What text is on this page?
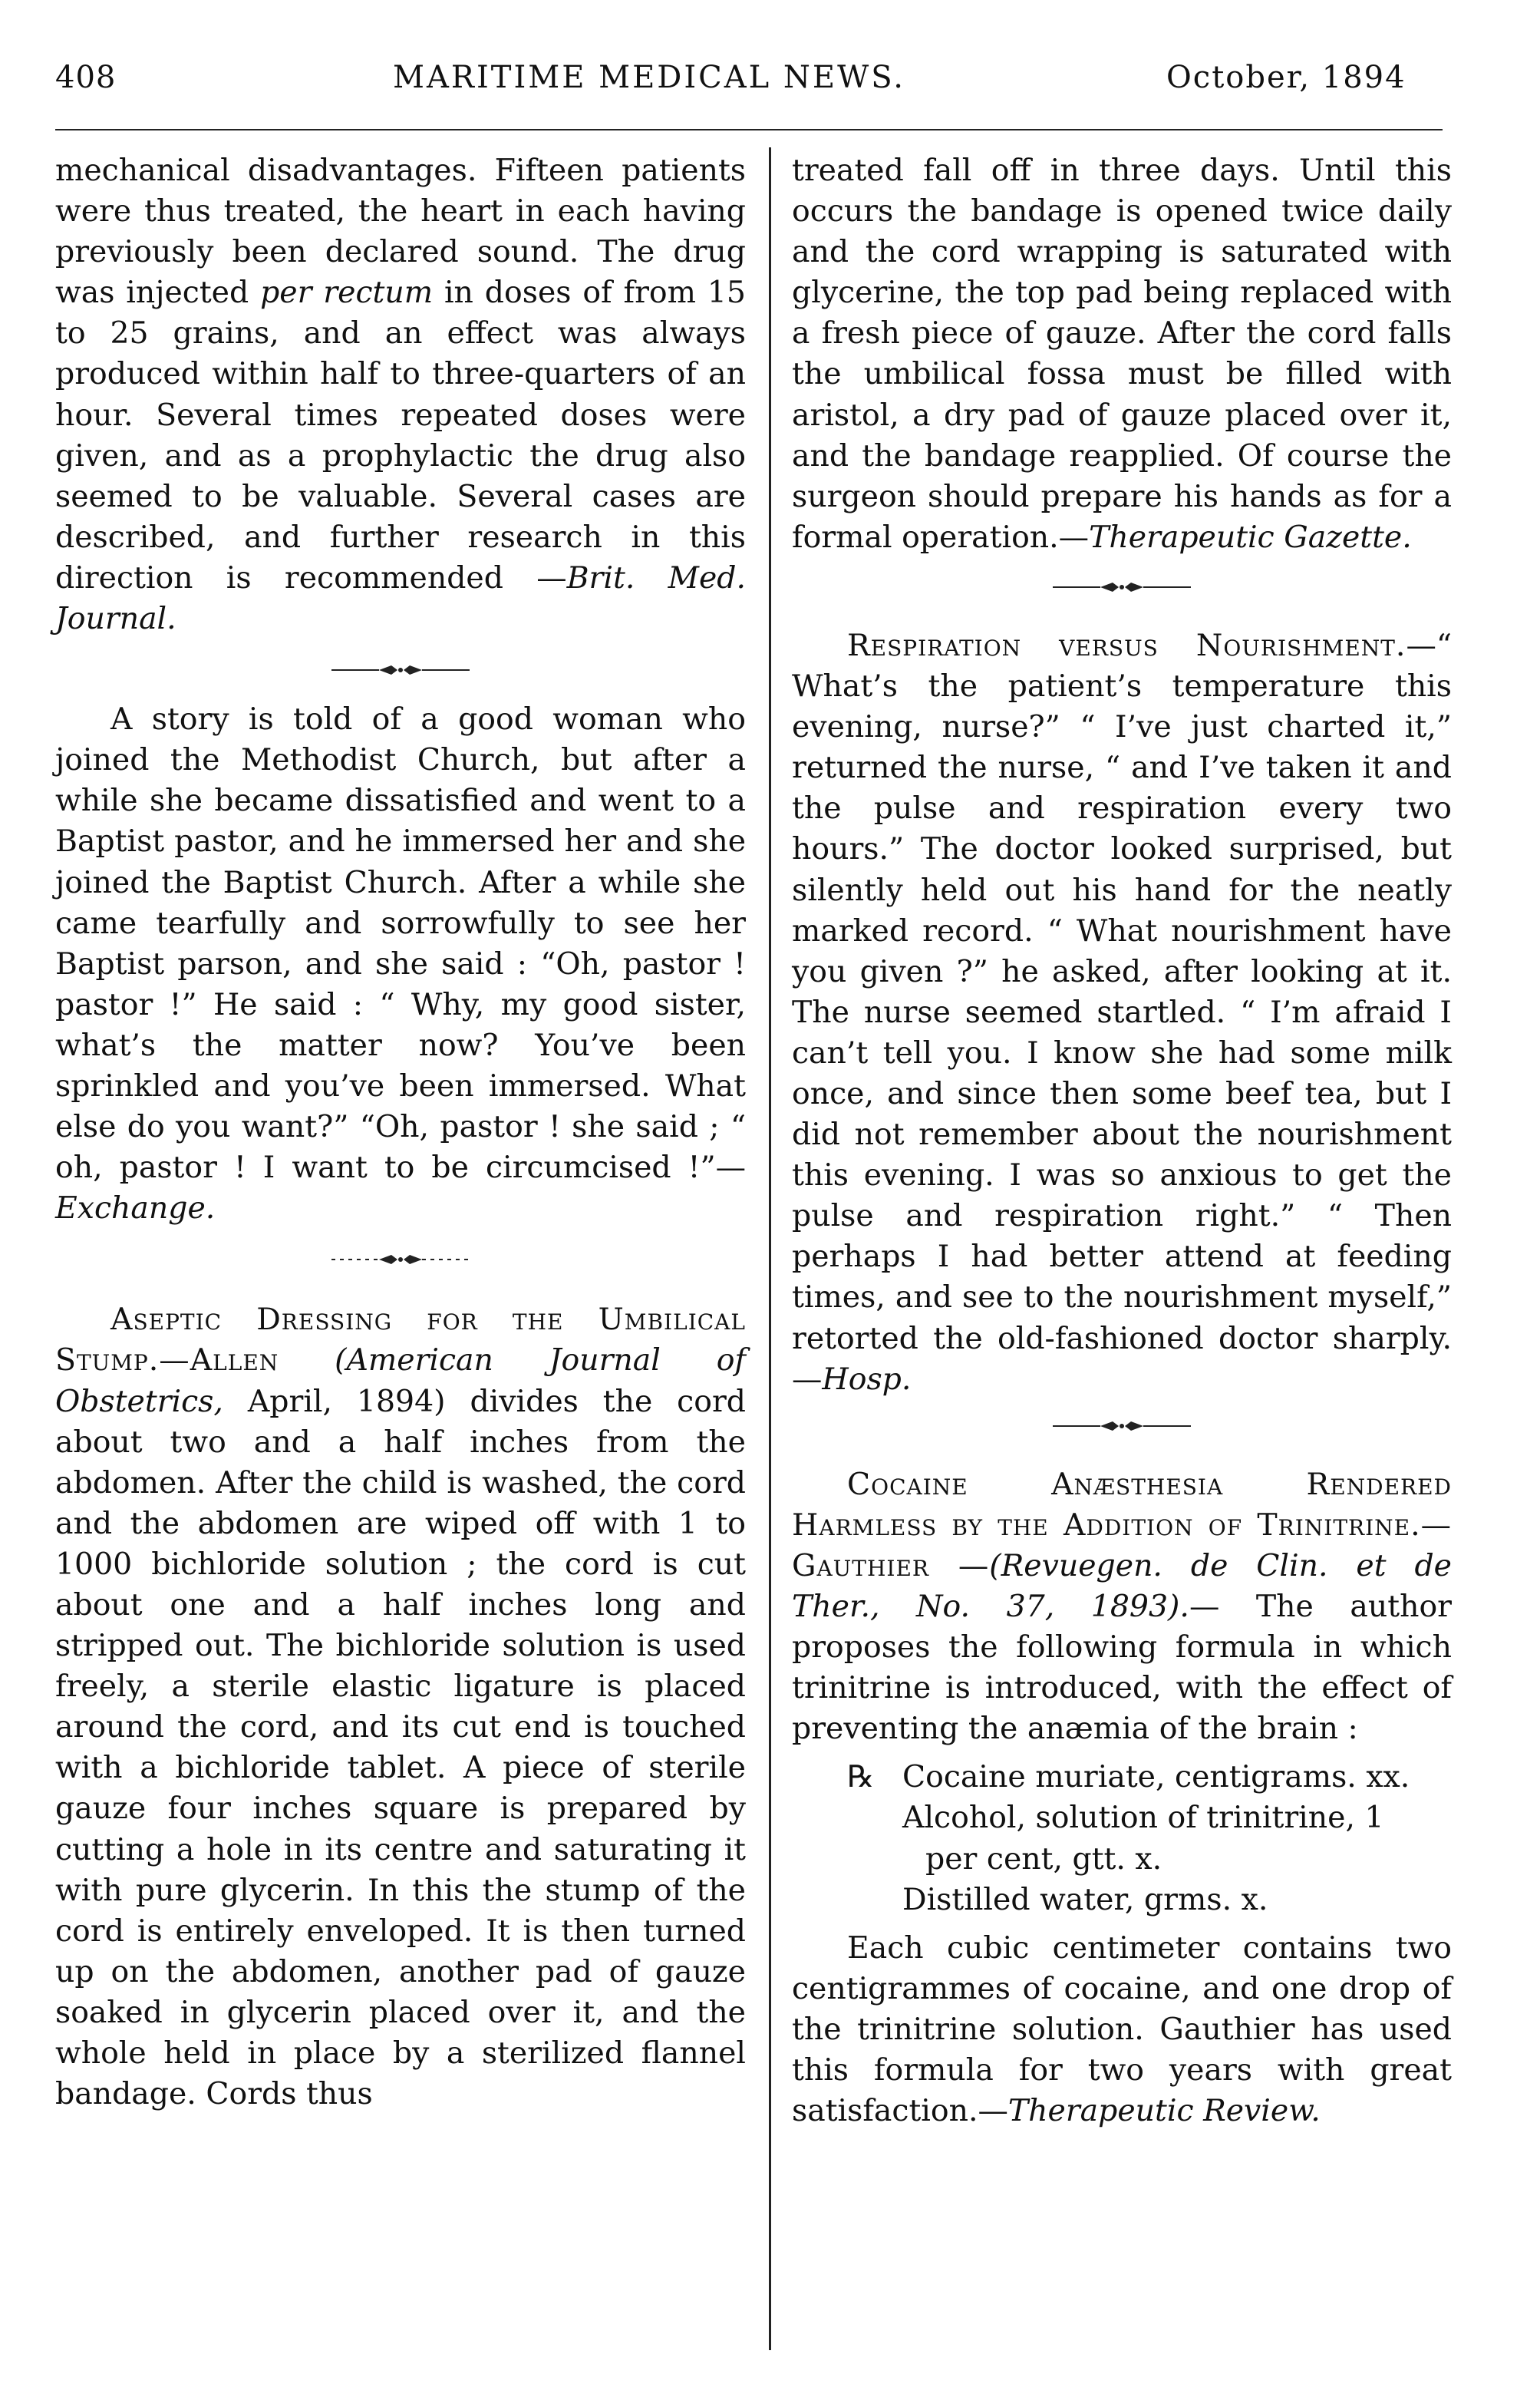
408	MARITIME MEDICAL NEWS.	October, 1894

mechanical disadvantages. Fifteen patients were thus treated, the heart in each having previously been declared sound. The drug was injected per rectum in doses of from 15 to 25 grains, and an effect was always produced within half to three-quarters of an hour. Several times repeated doses were given, and as a prophylactic the drug also seemed to be valuable. Several cases are described, and further research in this direction is recommended —Brit. Med. Journal.

A story is told of a good woman who joined the Methodist Church, but after a while she became dissatisfied and went to a Baptist pastor, and he immersed her and she joined the Baptist Church. After a while she came tearfully and sorrowfully to see her Baptist parson, and she said : “Oh, pastor ! pastor !” He said : “ Why, my good sister, what’s the matter now? You’ve been sprinkled and you’ve been immersed. What else do you want?” “Oh, pastor ! she said ; “ oh, pastor ! I want to be circumcised !”—Exchange.

Aseptic Dressing for the Umbilical Stump.—Allen (American Journal of Obstetrics, April, 1894) divides the cord about two and a half inches from the abdomen. After the child is washed, the cord and the abdomen are wiped off with 1 to 1000 bichloride solution ; the cord is cut about one and a half inches long and stripped out. The bichloride solution is used freely, a sterile elastic ligature is placed around the cord, and its cut end is touched with a bichloride tablet. A piece of sterile gauze four inches square is prepared by cutting a hole in its centre and saturating it with pure glycerin. In this the stump of the cord is entirely enveloped. It is then turned up on the abdomen, another pad of gauze soaked in glycerin placed over it, and the whole held in place by a sterilized flannel bandage. Cords thus

treated fall off in three days. Until this occurs the bandage is opened twice daily and the cord wrapping is saturated with glycerine, the top pad being replaced with a fresh piece of gauze. After the cord falls the umbilical fossa must be filled with aristol, a dry pad of gauze placed over it, and the bandage reapplied. Of course the surgeon should prepare his hands as for a formal operation.—Therapeutic Gazette.

Respiration versus Nourishment.—“ What’s the patient’s temperature this evening, nurse?” “ I’ve just charted it,” returned the nurse, “ and I’ve taken it and the pulse and respiration every two hours.” The doctor looked surprised, but silently held out his hand for the neatly marked record. “ What nourishment have you given ?” he asked, after looking at it. The nurse seemed startled. “ I’m afraid I can’t tell you. I know she had some milk once, and since then some beef tea, but I did not remember about the nourishment this evening. I was so anxious to get the pulse and respiration right.” “ Then perhaps I had better attend at feeding times, and see to the nourishment myself,” retorted the old-fashioned doctor sharply.—Hosp.

Cocaine Anæsthesia Rendered Harmless by the Addition of Trinitrine.—Gauthier —(Revuegen. de Clin. et de Ther., No. 37, 1893).— The author proposes the following formula in which trinitrine is introduced, with the effect of preventing the anæmia of the brain :

℞ Cocaine muriate, centigrams. xx.
Alcohol, solution of trinitrine, 1
per cent, gtt. x.
Distilled water, grms. x.

Each cubic centimeter contains two centigrammes of cocaine, and one drop of the trinitrine solution. Gauthier has used this formula for two years with great satisfaction.—Therapeutic Review.
